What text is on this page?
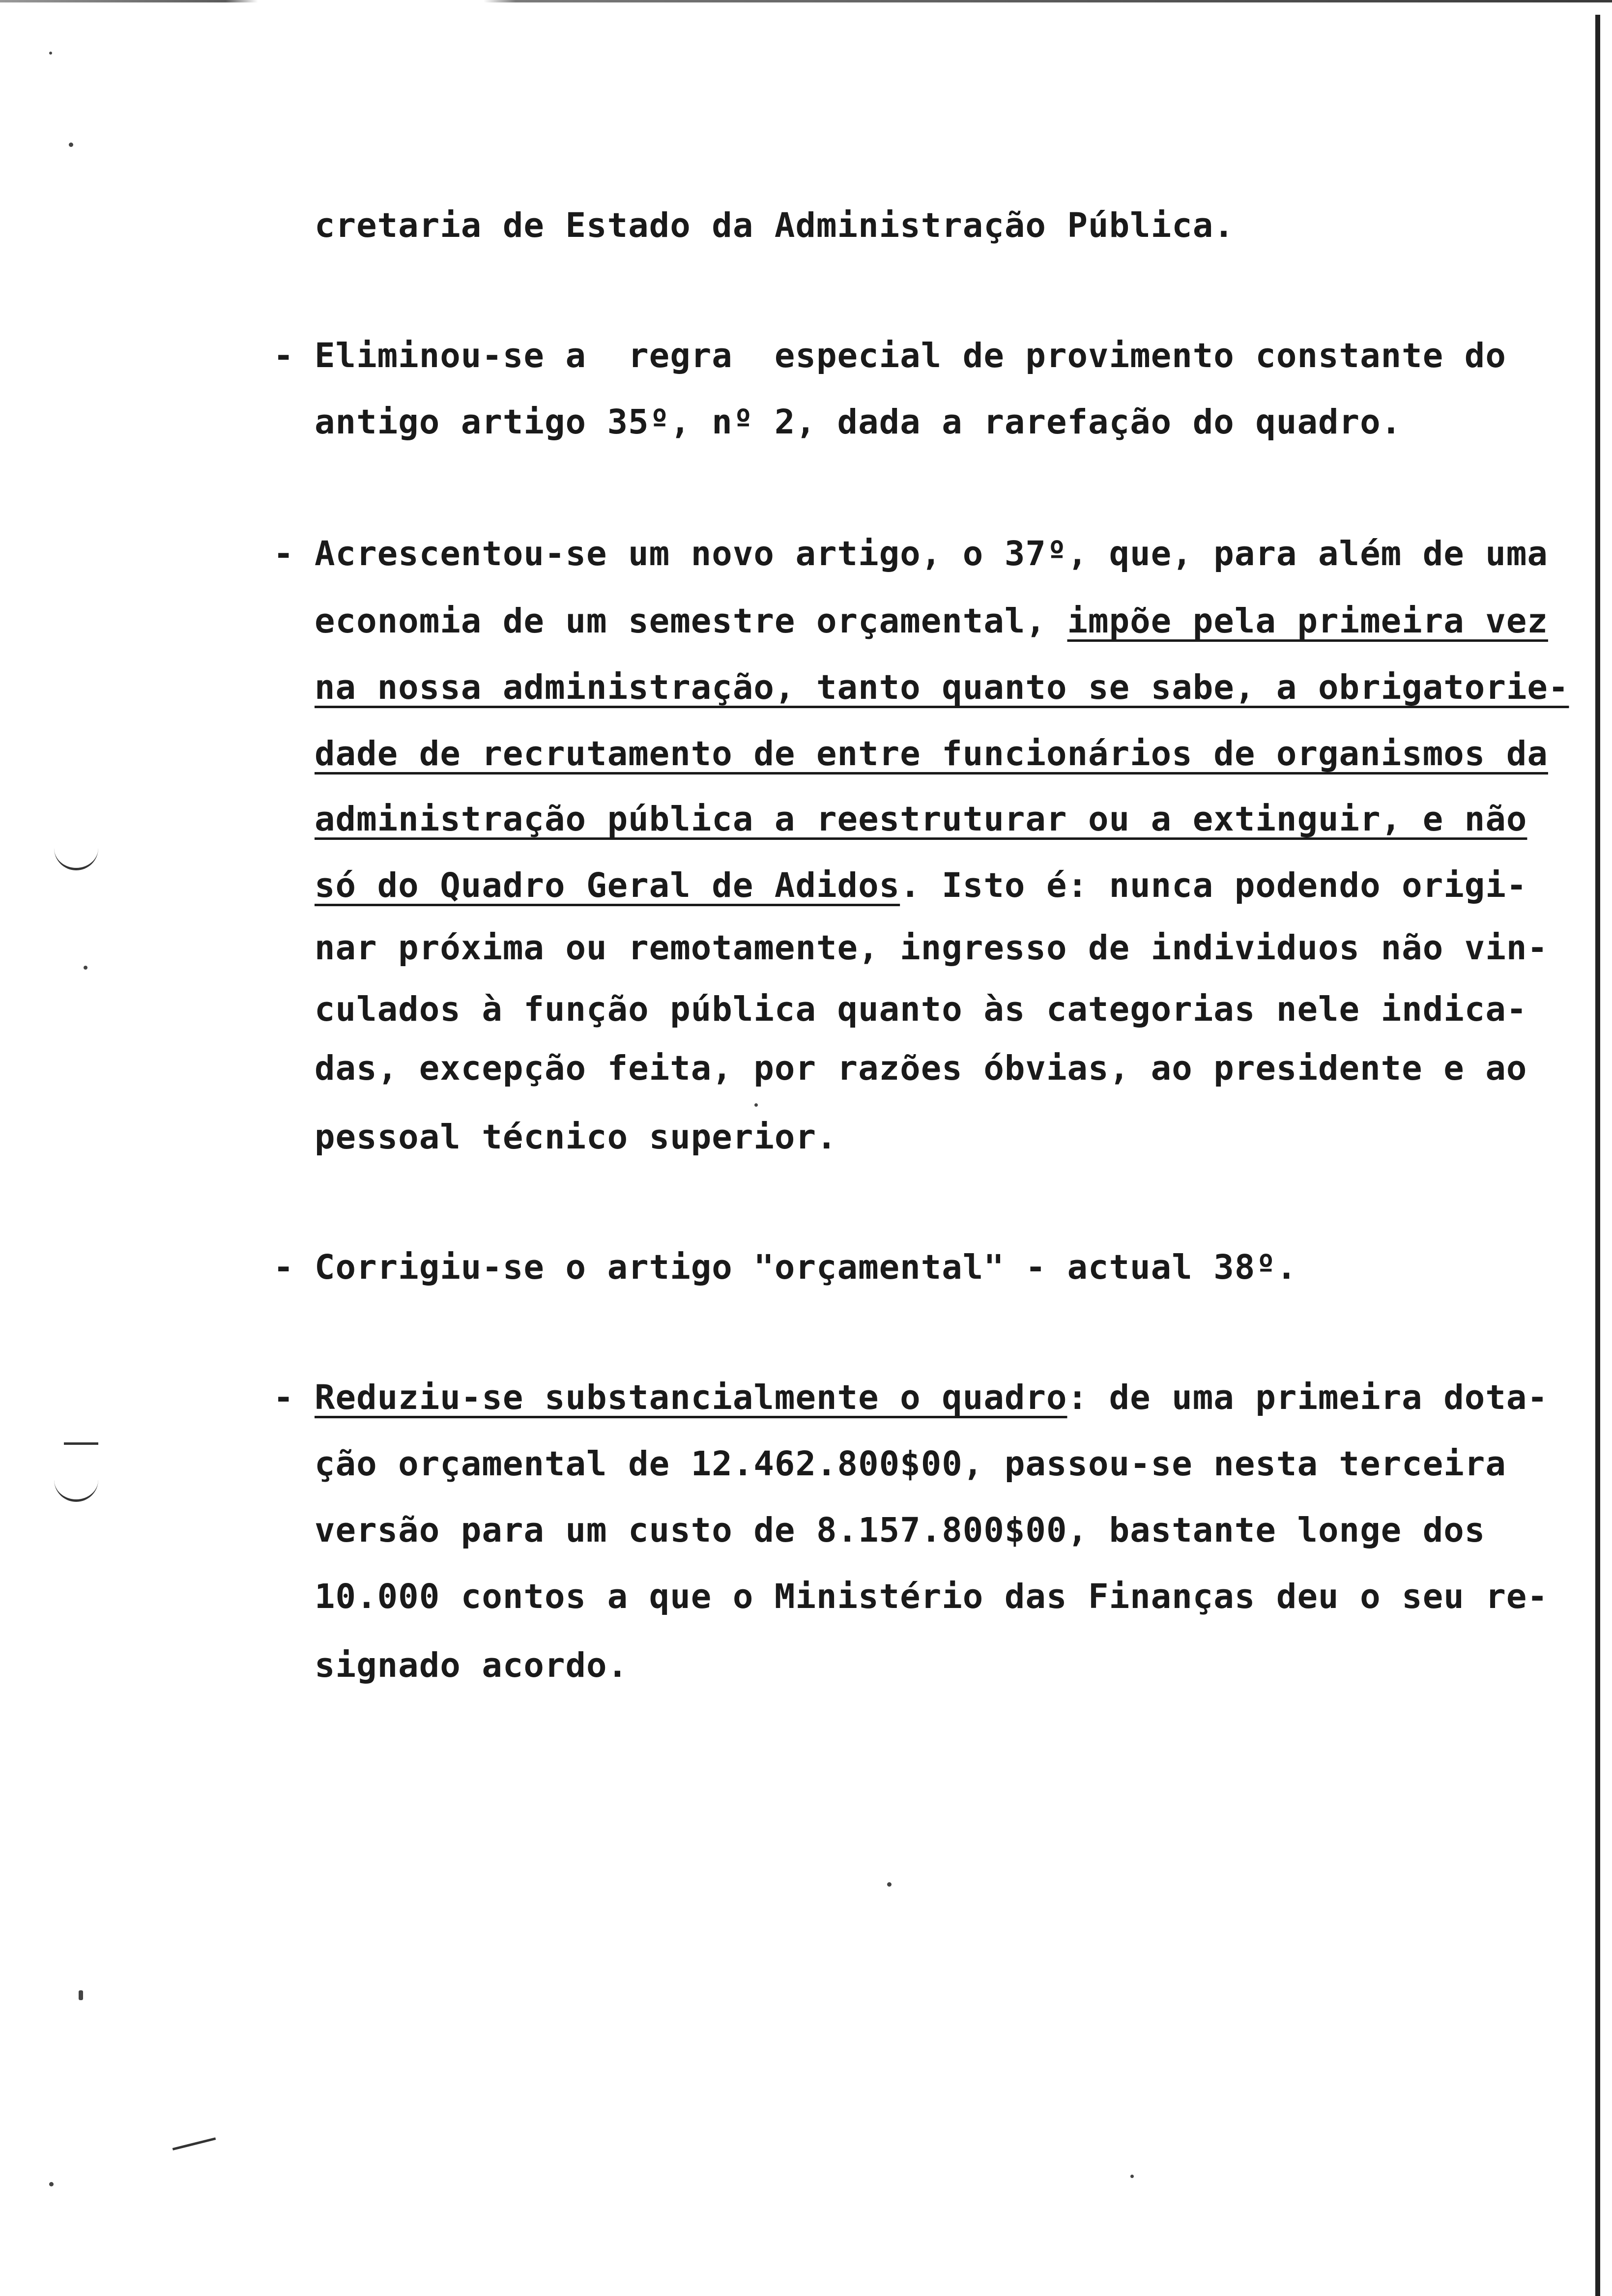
cretaria de Estado da Administração Pública.
- Eliminou-se a  regra  especial de provimento constante do
antigo artigo 35º, nº 2, dada a rarefação do quadro.
- Acrescentou-se um novo artigo, o 37º, que, para além de uma
economia de um semestre orçamental, impõe pela primeira vez
na nossa administração, tanto quanto se sabe, a obrigatorie-
dade de recrutamento de entre funcionários de organismos da
administração pública a reestruturar ou a extinguir, e não
só do Quadro Geral de Adidos. Isto é: nunca podendo origi-
nar próxima ou remotamente, ingresso de individuos não vin-
culados à função pública quanto às categorias nele indica-
das, excepção feita, por razões óbvias, ao presidente e ao
pessoal técnico superior.
- Corrigiu-se o artigo "orçamental" - actual 38º.
- Reduziu-se substancialmente o quadro: de uma primeira dota-
ção orçamental de 12.462.800$00, passou-se nesta terceira
versão para um custo de 8.157.800$00, bastante longe dos
10.000 contos a que o Ministério das Finanças deu o seu re-
signado acordo.
